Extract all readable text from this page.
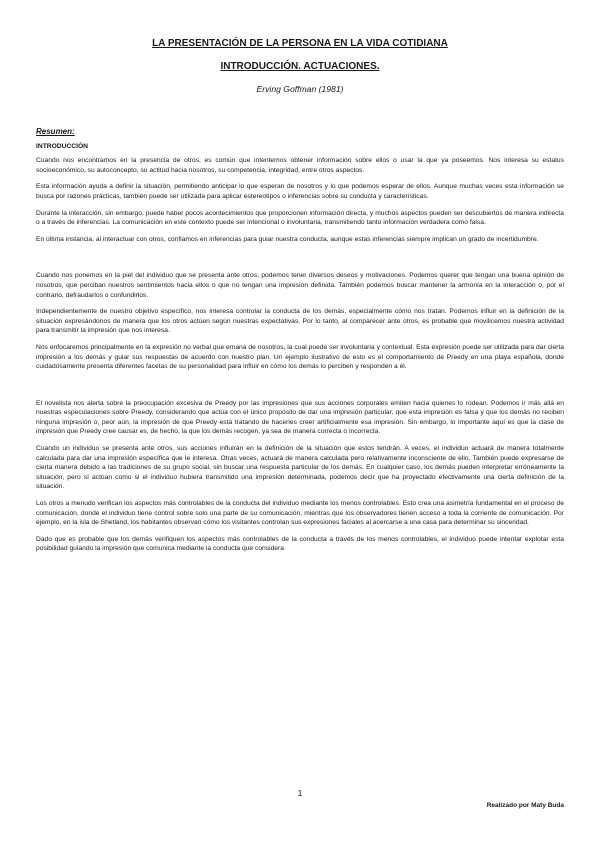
LA PRESENTACIÓN DE LA PERSONA EN LA VIDA COTIDIANA
INTRODUCCIÓN. ACTUACIONES.

Erving Goffman (1981)

Resumen:

INTRODUCCIÓN

Cuando nos encontramos en la presencia de otros, es común que intentemos obtener información sobre ellos o usar la que ya poseemos. Nos interesa su estatus socioeconómico, su autoconcepto, su actitud hacia nosotros, su competencia, integridad, entre otros aspectos.

Esta información ayuda a definir la situación, permitiendo anticipar lo que esperan de nosotros y lo que podemos esperar de ellos. Aunque muchas veces esta información se busca por razones prácticas, también puede ser utilizada para aplicar estereotipos o inferencias sobre su conducta y características.

Durante la interacción, sin embargo, puede haber pocos acontecimientos que proporcionen información directa, y muchos aspectos pueden ser descubiertos de manera indirecta o a través de inferencias. La comunicación en este contexto puede ser intencional o involuntaria, transmitiendo tanto información verdadera como falsa.

En última instancia, al interactuar con otros, confiamos en inferencias para guiar nuestra conducta, aunque estas inferencias siempre implican un grado de incertidumbre.

Cuando nos ponemos en la piel del individuo que se presenta ante otros, podemos tener diversos deseos y motivaciones. Podemos querer que tengan una buena opinión de nosotros, que perciban nuestros sentimientos hacia ellos o que no tengan una impresión definida. También podemos buscar mantener la armonía en la interacción o, por el contrario, defraudarlos o confundirlos.

Independientemente de nuestro objetivo específico, nos interesa controlar la conducta de los demás, especialmente cómo nos tratan. Podemos influir en la definición de la situación expresándonos de manera que los otros actúen según nuestras expectativas. Por lo tanto, al comparecer ante otros, es probable que movilicemos nuestra actividad para transmitir la impresión que nos interesa.

Nos enfocaremos principalmente en la expresión no verbal que emana de nosotros, la cual puede ser involuntaria y contextual. Esta expresión puede ser utilizada para dar cierta impresión a los demás y guiar sus respuestas de acuerdo con nuestro plan. Un ejemplo ilustrativo de esto es el comportamiento de Preedy en una playa española, donde cuidadosamente presenta diferentes facetas de su personalidad para influir en cómo los demás lo perciben y responden a él.

El novelista nos alerta sobre la preocupación excesiva de Preedy por las impresiones que sus acciones corporales emiten hacia quienes lo rodean. Podemos ir más allá en nuestras especulaciones sobre Preedy, considerando que actúa con el único propósito de dar una impresión particular, que esta impresión es falsa y que los demás no reciben ninguna impresión o, peor aún, la impresión de que Preedy está tratando de hacerles creer artificialmente esa impresión. Sin embargo, lo importante aquí es que la clase de impresión que Preedy cree causar es, de hecho, la que los demás recogen, ya sea de manera correcta o incorrecta.

Cuando un individuo se presenta ante otros, sus acciones influirán en la definición de la situación que estos tendrán. A veces, el individuo actuará de manera totalmente calculada para dar una impresión específica que le interesa. Otras veces, actuará de manera calculada pero relativamente inconsciente de ello. También puede expresarse de cierta manera debido a las tradiciones de su grupo social, sin buscar una respuesta particular de los demás. En cualquier caso, los demás pueden interpretar erróneamente la situación, pero sí actúan como si el individuo hubiera transmitido una impresión determinada, podemos decir que ha proyectado efectivamente una cierta definición de la situación.

Los otros a menudo verifican los aspectos más controlables de la conducta del individuo mediante los menos controlables. Esto crea una asimetría fundamental en el proceso de comunicación, donde el individuo tiene control sobre solo una parte de su comunicación, mientras que los observadores tienen acceso a toda la corriente de comunicación. Por ejemplo, en la isla de Shetland, los habitantes observan cómo los visitantes controlan sus expresiones faciales al acercarse a una casa para determinar su sinceridad.

Dado que es probable que los demás verifiquen los aspectos más controlables de la conducta a través de los menos controlables, el individuo puede intentar explotar esta posibilidad guiando la impresión que comunica mediante la conducta que considera

1

Realizado por Maty Buda
